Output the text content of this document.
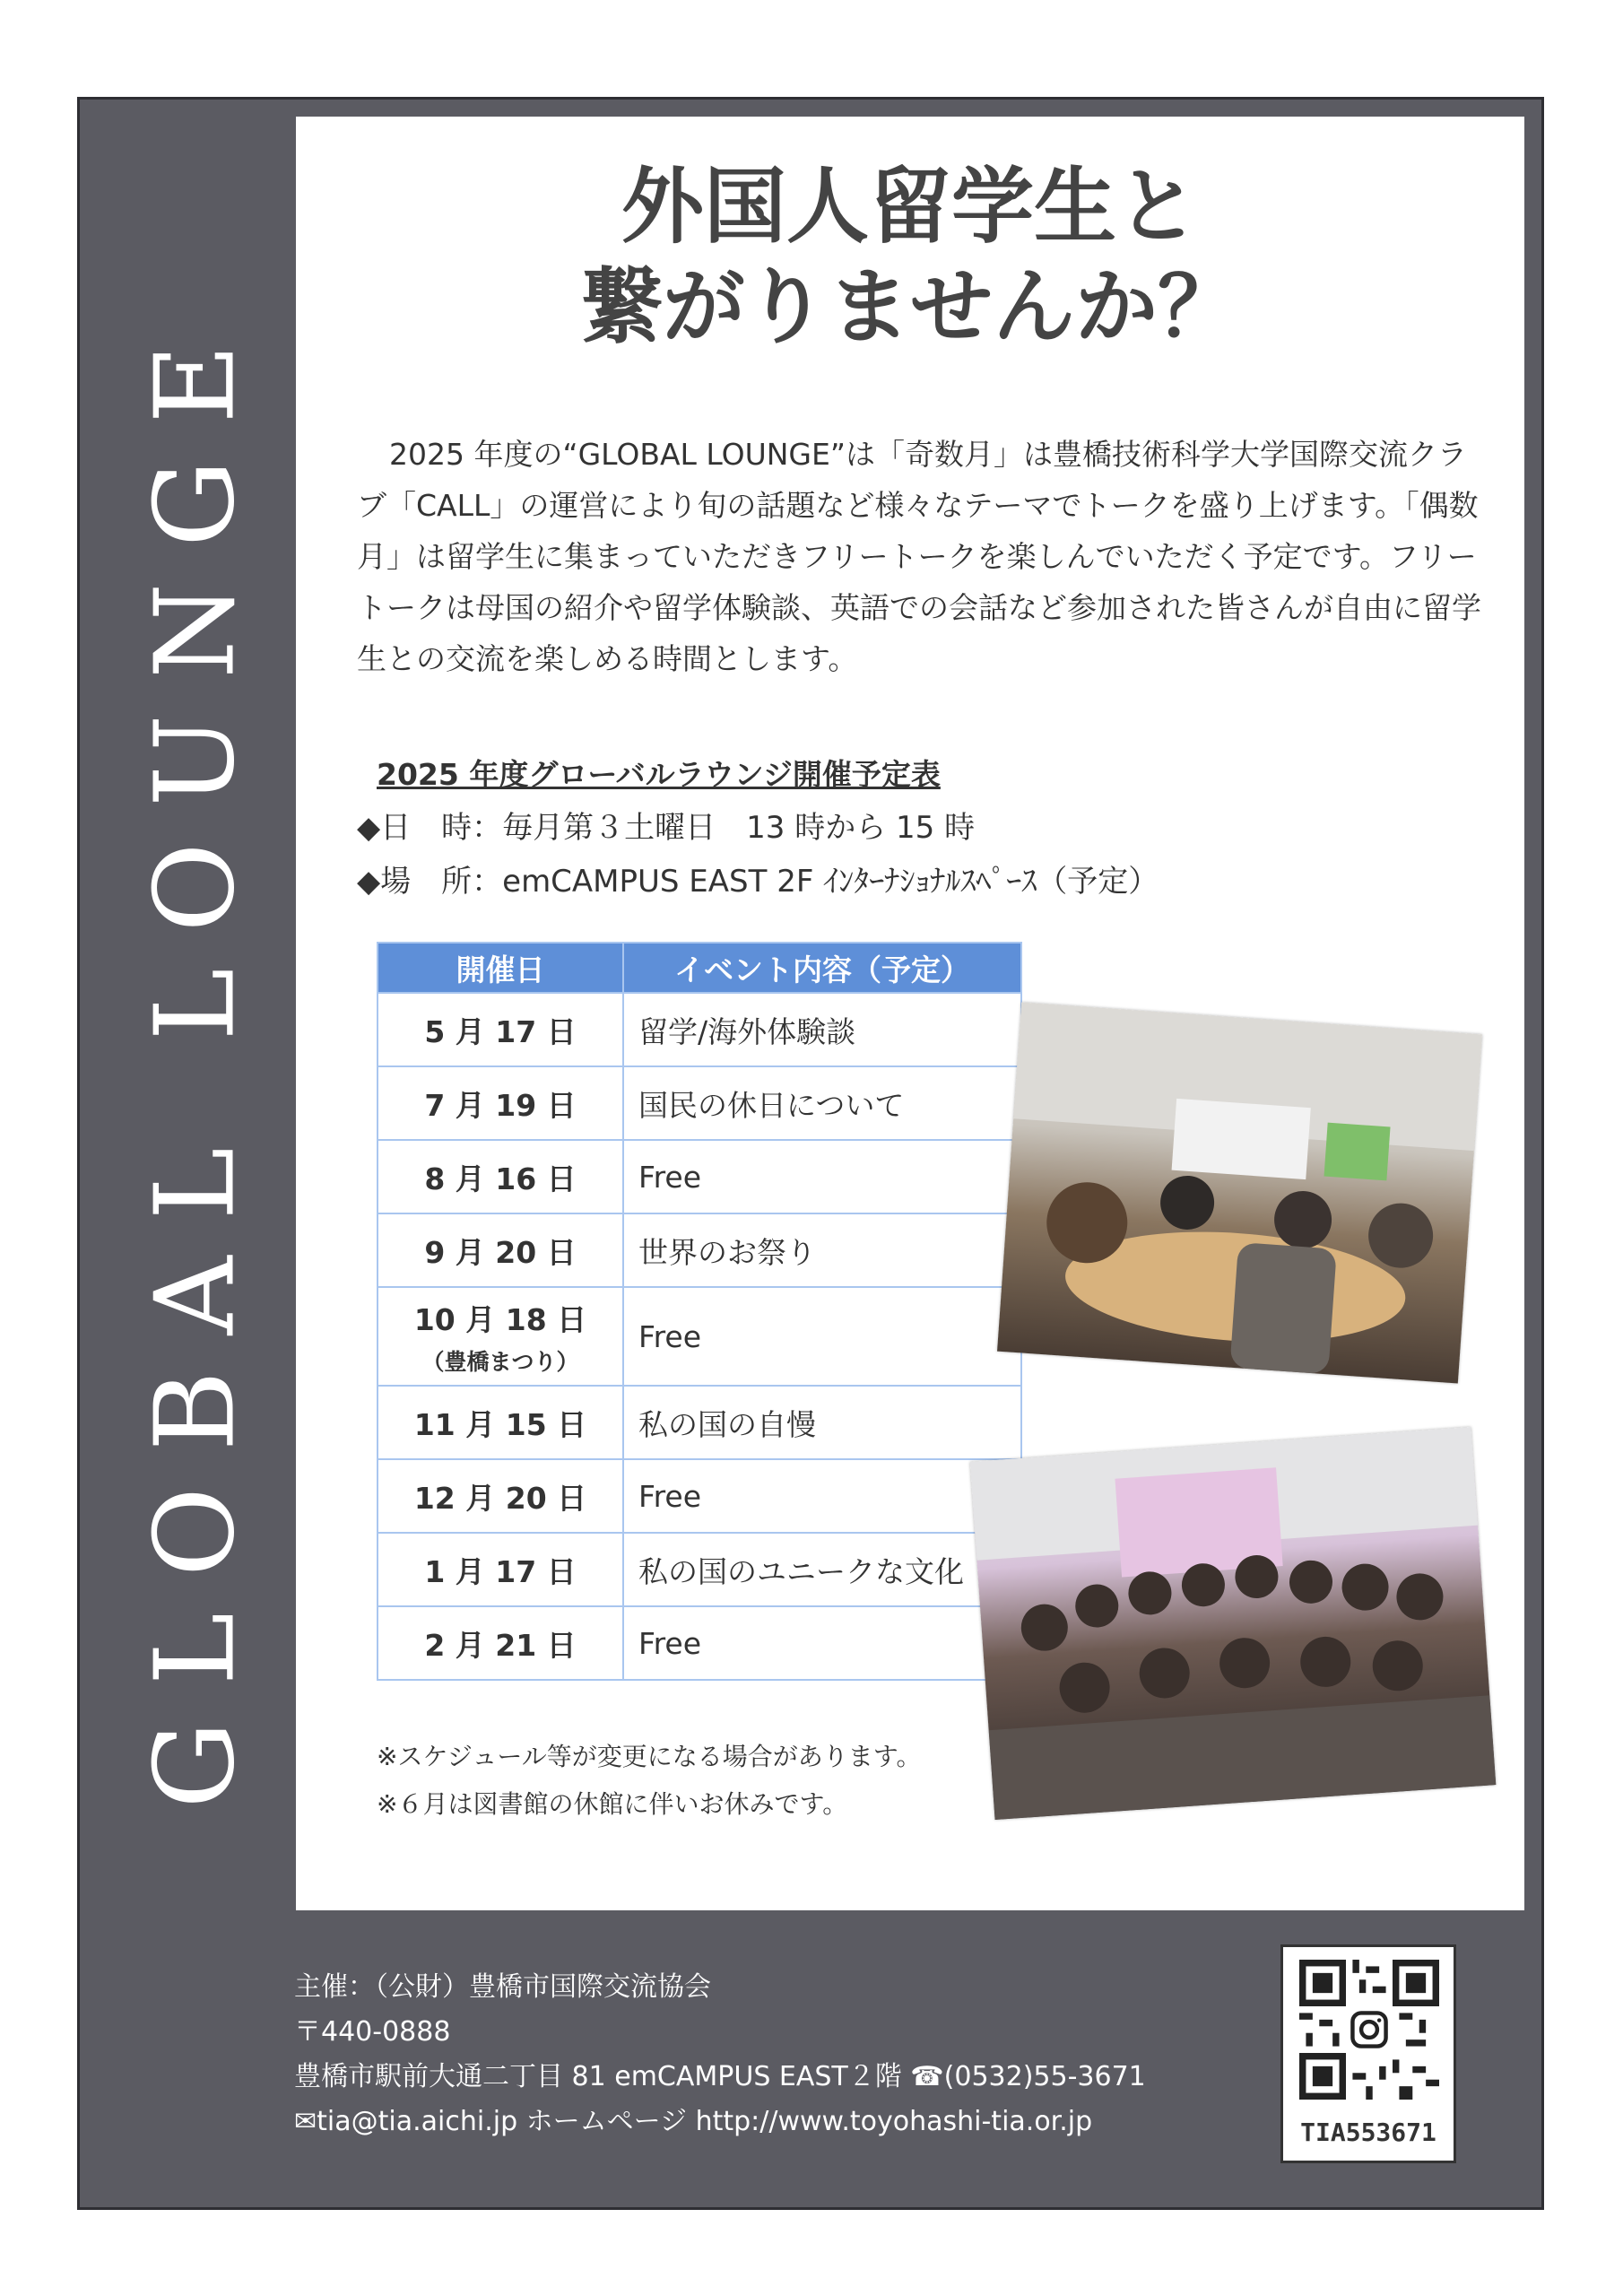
GLOBAL LOUNGE
外国人留学生と
繋がりませんか？
2025 年度の“GLOBAL LOUNGE”は「奇数月」は豊橋技術科学大学国際交流クラブ「CALL」の運営により旬の話題など様々なテーマでトークを盛り上げます。「偶数月」は留学生に集まっていただきフリートークを楽しんでいただく予定です。フリートークは母国の紹介や留学体験談、英語での会話など参加された皆さんが自由に留学生との交流を楽しめる時間とします。
2025 年度グローバルラウンジ開催予定表
◆日　時：毎月第３土曜日　13 時から 15 時
◆場　所：emCAMPUS EAST 2F ｲﾝﾀｰﾅｼｮﾅﾙｽﾍﾟｰｽ（予定）
開催日	イベント内容（予定）
5 月 17 日	留学/海外体験談
7 月 19 日	国民の休日について
8 月 16 日	Free
9 月 20 日	世界のお祭り
10 月 18 日
（豊橋まつり）	Free
11 月 15 日	私の国の自慢
12 月 20 日	Free
1 月 17 日	私の国のユニークな文化
2 月 21 日	Free
※スケジュール等が変更になる場合があります。
※６月は図書館の休館に伴いお休みです。
主催：（公財）豊橋市国際交流協会
〒440-0888
豊橋市駅前大通二丁目 81 emCAMPUS EAST２階 ☎(0532)55-3671
✉tia@tia.aichi.jp ホームページ http://www.toyohashi-tia.or.jp	TIA553671
